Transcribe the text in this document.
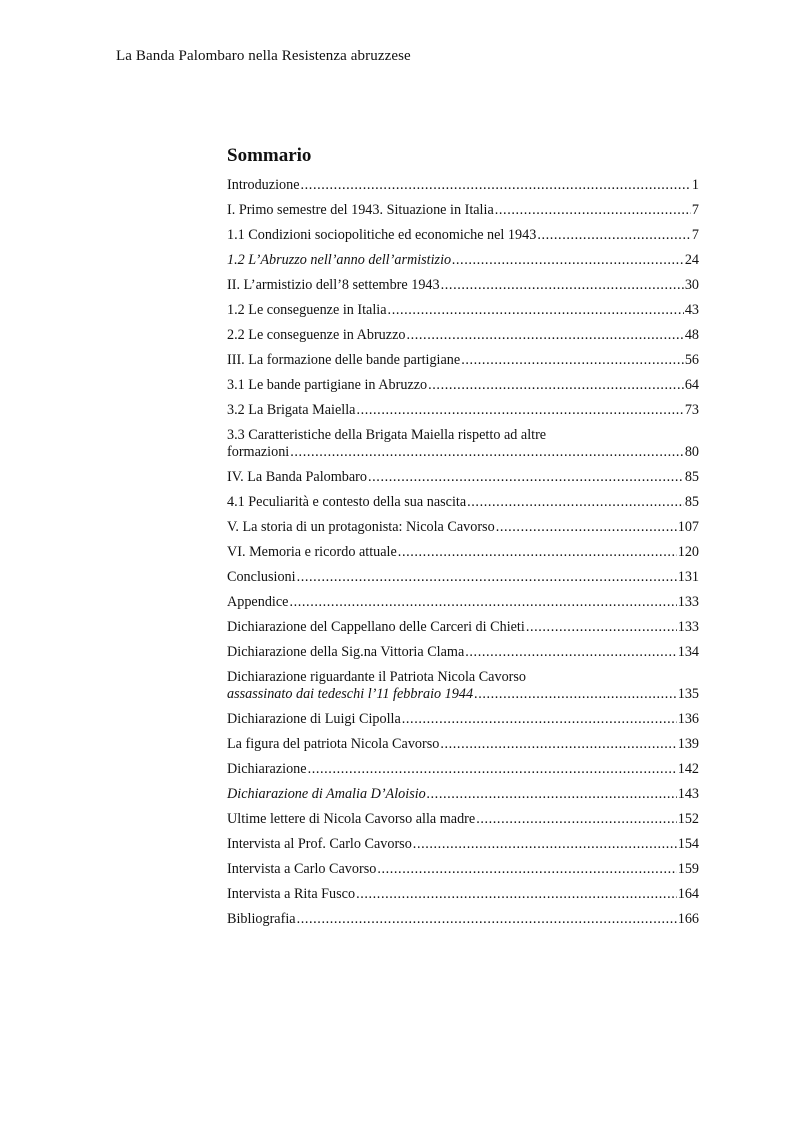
La Banda Palombaro nella Resistenza abruzzese
Sommario
Introduzione .....	1
I. Primo semestre del 1943. Situazione in Italia .....	7
1.1 Condizioni sociopolitiche ed economiche nel 1943 .....	7
1.2 L’Abruzzo nell’anno dell’armistizio .....	24
II. L’armistizio dell’8 settembre 1943 .....	30
1.2 Le conseguenze in Italia .....	43
2.2 Le conseguenze in Abruzzo .....	48
III. La formazione delle bande partigiane .....	56
3.1 Le bande partigiane in Abruzzo .....	64
3.2 La Brigata Maiella .....	73
3.3 Caratteristiche della Brigata Maiella rispetto ad altre
formazioni .....	80
IV. La Banda Palombaro .....	85
4.1 Peculiarità e contesto della sua nascita .....	85
V. La storia di un protagonista: Nicola Cavorso .....	107
VI. Memoria e ricordo attuale .....	120
Conclusioni .....	131
Appendice .....	133
Dichiarazione del Cappellano delle Carceri di Chieti .....	133
Dichiarazione della Sig.na Vittoria Clama .....	134
Dichiarazione riguardante il Patriota Nicola Cavorso
assassinato dai tedeschi l’11 febbraio 1944 .....	135
Dichiarazione di Luigi Cipolla .....	136
La figura del patriota Nicola Cavorso .....	139
Dichiarazione .....	142
Dichiarazione di Amalia D’Aloisio .....	143
Ultime lettere di Nicola Cavorso alla madre .....	152
Intervista al Prof. Carlo Cavorso .....	154
Intervista a Carlo Cavorso .....	159
Intervista a Rita Fusco .....	164
Bibliografia .....	166
